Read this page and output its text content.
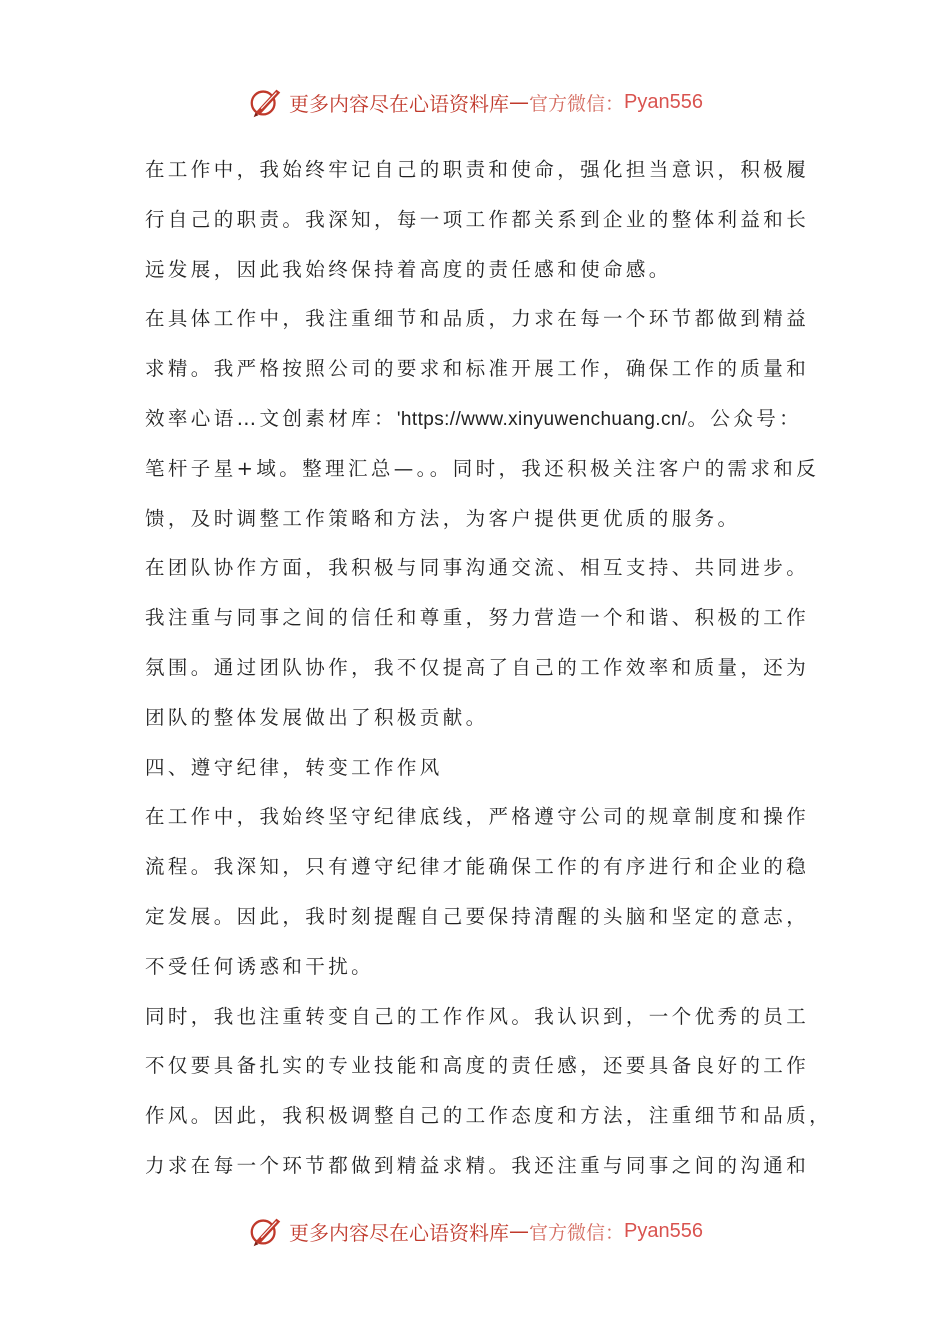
更多内容尽在心语资料库 — 官方微信： Pyan556
在工作中，我始终牢记自己的职责和使命，强化担当意识，积极履
行自己的职责。我深知，每一项工作都关系到企业的整体利益和长
远发展，因此我始终保持着高度的责任感和使命感。
在具体工作中，我注重细节和品质，力求在每一个环节都做到精益
求精。我严格按照公司的要求和标准开展工作，确保工作的质量和
效率心语…文创素材库：'https://www.xinyuwenchuang.cn/。公众号：
笔杆子星+域。整理汇总—。。同时，我还积极关注客户的需求和反
馈，及时调整工作策略和方法，为客户提供更优质的服务。
在团队协作方面，我积极与同事沟通交流、相互支持、共同进步。
我注重与同事之间的信任和尊重，努力营造一个和谐、积极的工作
氛围。通过团队协作，我不仅提高了自己的工作效率和质量，还为
团队的整体发展做出了积极贡献。
四、遵守纪律，转变工作作风
在工作中，我始终坚守纪律底线，严格遵守公司的规章制度和操作
流程。我深知，只有遵守纪律才能确保工作的有序进行和企业的稳
定发展。因此，我时刻提醒自己要保持清醒的头脑和坚定的意志，
不受任何诱惑和干扰。
同时，我也注重转变自己的工作作风。我认识到，一个优秀的员工
不仅要具备扎实的专业技能和高度的责任感，还要具备良好的工作
作风。因此，我积极调整自己的工作态度和方法，注重细节和品质，
力求在每一个环节都做到精益求精。我还注重与同事之间的沟通和
更多内容尽在心语资料库 — 官方微信： Pyan556
